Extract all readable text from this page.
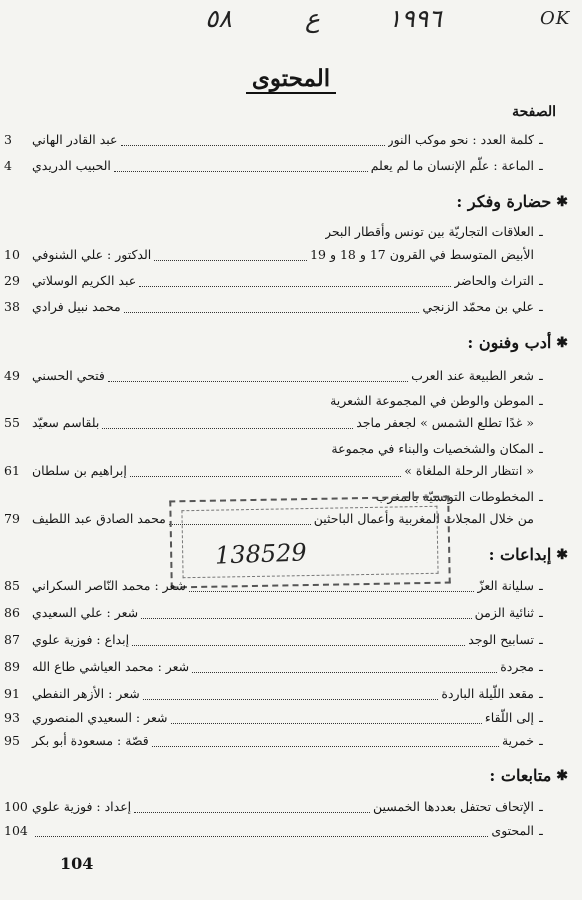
٥٨	ع	١٩٩٦	OK
المحتوى
الصفحة
ـ
كلمة العدد : نحو موكب النور
عبد القادر الهاني
3
ـ
الماعة : علّم الإنسان ما لم يعلم
الحبيب الدريدي
4
✱
حضارة وفكر :
ـ
العلاقات التجاريّة بين تونس وأقطار البحر
الأبيض المتوسط في القرون 17 و 18 و 19
الدكتور : علي الشنوفي
10
ـ
التراث والحاضر
عبد الكريم الوسلاتي
29
ـ
علي بن محمّد الزنجي
محمد نبيل فرادي
38
✱
أدب وفنون :
ـ
شعر الطبيعة عند العرب
فتحي الحسني
49
ـ
الموطن والوطن في المجموعة الشعرية
« غدًا تطلع الشمس » لجعفر ماجد
بلقاسم سعيّد
55
ـ
المكان والشخصيات والبناء في مجموعة
« انتظار الرحلة الملغاة »
إبراهيم بن سلطان
61
ـ
المخطوطات التونسيّة بالمغرب
من خلال المجلات المغربية وأعمال الباحثين
محمد الصادق عبد اللطيف
79
138529	✱
إبداعات :
ـ
سليانة العزّ
شعر : محمد النّاصر السكراني
85
ـ
ثنائية الزمن
شعر : علي السعيدي
86
ـ
تسابيح الوجد
إبداع : فوزية علوي
87
ـ
مجردة
شعر : محمد العياشي طاع الله
89
ـ
مقعد اللّيلة الباردة
شعر : الأزهر النفطي
91
ـ
إلى اللّقاء
شعر : السعيدي المنصوري
93
ـ
خمرية
قصّة : مسعودة أبو بكر
95
✱
متابعات :
ـ
الإتحاف تحتفل بعددها الخمسين
إعداد : فوزية علوي
100
ـ
المحتوى
104
104
